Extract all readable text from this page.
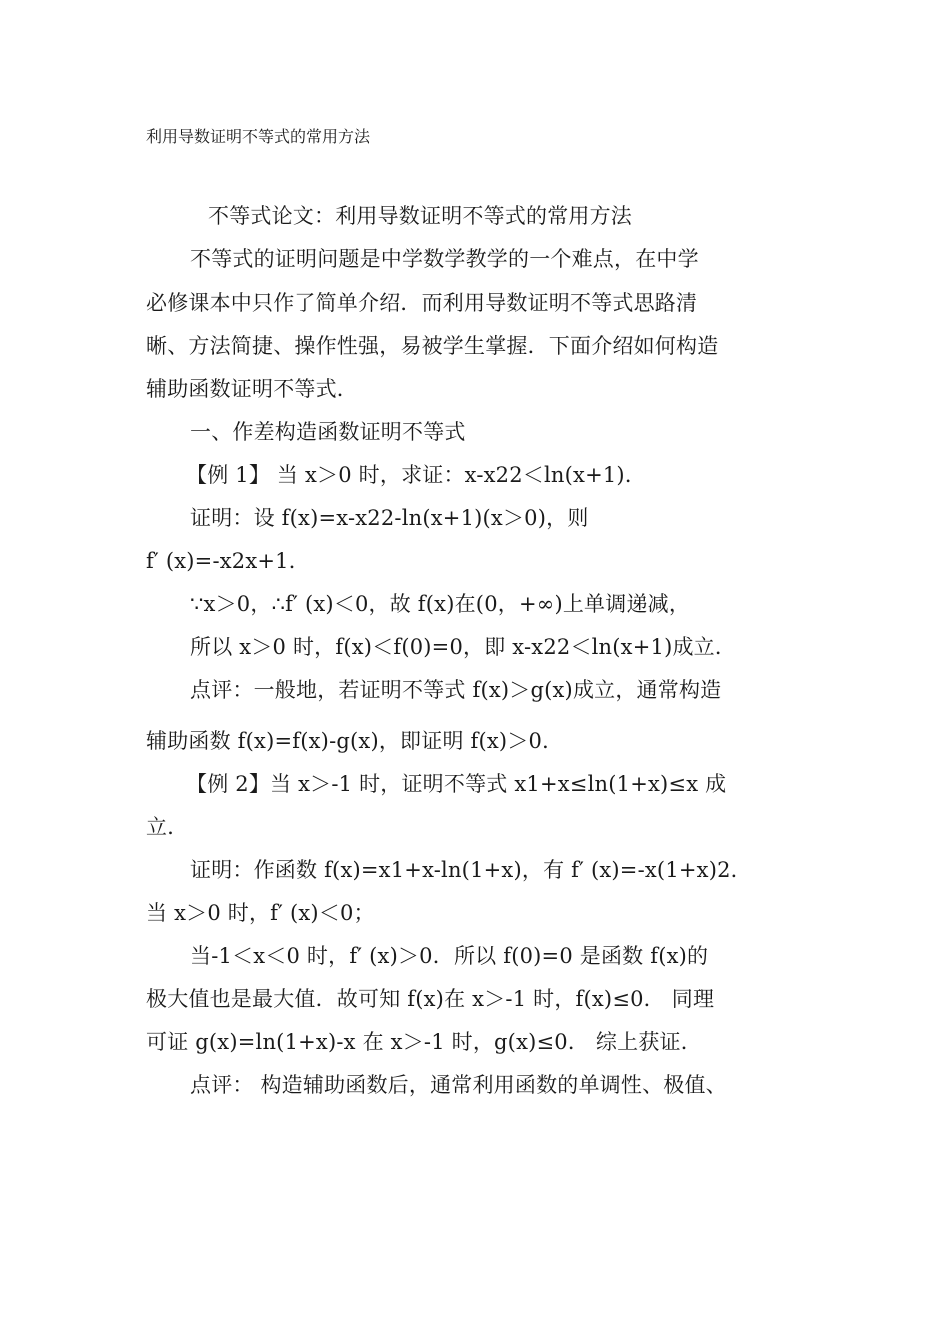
利用导数证明不等式的常用方法
不等式论文：利用导数证明不等式的常用方法
不等式的证明问题是中学数学教学的一个难点，在中学
必修课本中只作了简单介绍．而利用导数证明不等式思路清
晰、方法简捷、操作性强，易被学生掌握．下面介绍如何构造
辅助函数证明不等式．
一、作差构造函数证明不等式
【例 1】 当 x＞0 时，求证：x-x22＜ln(x+1)．
证明：设 f(x)=x-x22-ln(x+1)(x＞0)，则
f′ (x)=-x2x+1．
∵x＞0，∴f′ (x)＜0，故 f(x)在(0，+∞)上单调递减，
所以 x＞0 时，f(x)＜f(0)=0，即 x-x22＜ln(x+1)成立．
点评：一般地，若证明不等式 f(x)＞g(x)成立，通常构造
辅助函数 f(x)=f(x)-g(x)，即证明 f(x)＞0．
【例 2】当 x＞-1 时，证明不等式 x1+x≤ln(1+x)≤x 成
立．
证明：作函数 f(x)=x1+x-ln(1+x)，有 f′ (x)=-x(1+x)2．
当 x＞0 时，f′ (x)＜0；
当-1＜x＜0 时，f′ (x)＞0．所以 f(0)=0 是函数 f(x)的
极大值也是最大值．故可知 f(x)在 x＞-1 时，f(x)≤0． 同理
可证 g(x)=ln(1+x)-x 在 x＞-1 时，g(x)≤0． 综上获证．
点评： 构造辅助函数后，通常利用函数的单调性、极值、
